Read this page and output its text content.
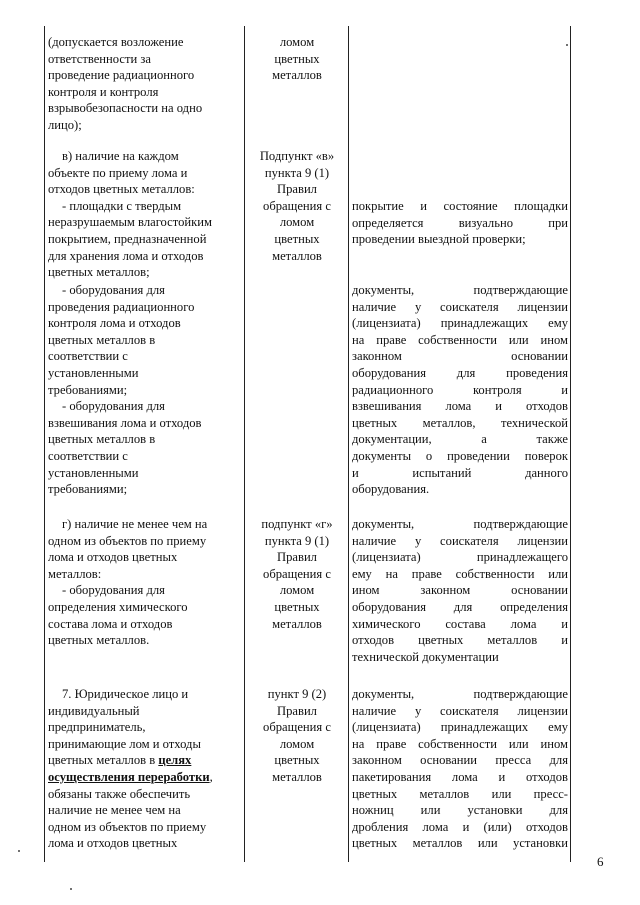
(допускается возложение
ответственности за
проведение радиационного
контроля и контроля
взрывобезопасности на одно
лицо);
ломом
цветных
металлов
в) наличие на каждом
объекте по приему лома и
отходов цветных металлов:
- площадки с твердым
неразрушаемым влагостойким
покрытием, предназначенной
для хранения лома и отходов
цветных металлов;
Подпункт «в»
пункта 9 (1)
Правил
обращения с
ломом
цветных
металлов
покрытие и состояние площадки
определяется визуально при
проведении выездной проверки;
- оборудования для
проведения радиационного
контроля лома и отходов
цветных металлов в
соответствии с
установленными
требованиями;
- оборудования для
взвешивания лома и отходов
цветных металлов в
соответствии с
установленными
требованиями;
документы, подтверждающие
наличие у соискателя лицензии
(лицензиата) принадлежащих ему
на праве собственности или ином
законном основании
оборудования для проведения
радиационного контроля и
взвешивания лома и отходов
цветных металлов, технической
документации, а также
документы о проведении поверок
и испытаний данного
оборудования.
г) наличие не менее чем на
одном из объектов по приему
лома и отходов цветных
металлов:
- оборудования для
определения химического
состава лома и отходов
цветных металлов.
подпункт «г»
пункта 9 (1)
Правил
обращения с
ломом
цветных
металлов
документы, подтверждающие
наличие у соискателя лицензии
(лицензиата) принадлежащего
ему на праве собственности или
ином законном основании
оборудования для определения
химического состава лома и
отходов цветных металлов и
технической документации
7. Юридическое лицо и
индивидуальный
предприниматель,
принимающие лом и отходы
цветных металлов в целях
осуществления переработки,
обязаны также обеспечить
наличие не менее чем на
одном из объектов по приему
лома и отходов цветных
пункт 9 (2)
Правил
обращения с
ломом
цветных
металлов
документы, подтверждающие
наличие у соискателя лицензии
(лицензиата) принадлежащих ему
на праве собственности или ином
законном основании пресса для
пакетирования лома и отходов
цветных металлов или пресс-
ножниц или установки для
дробления лома и (или) отходов
цветных металлов или установки
6
